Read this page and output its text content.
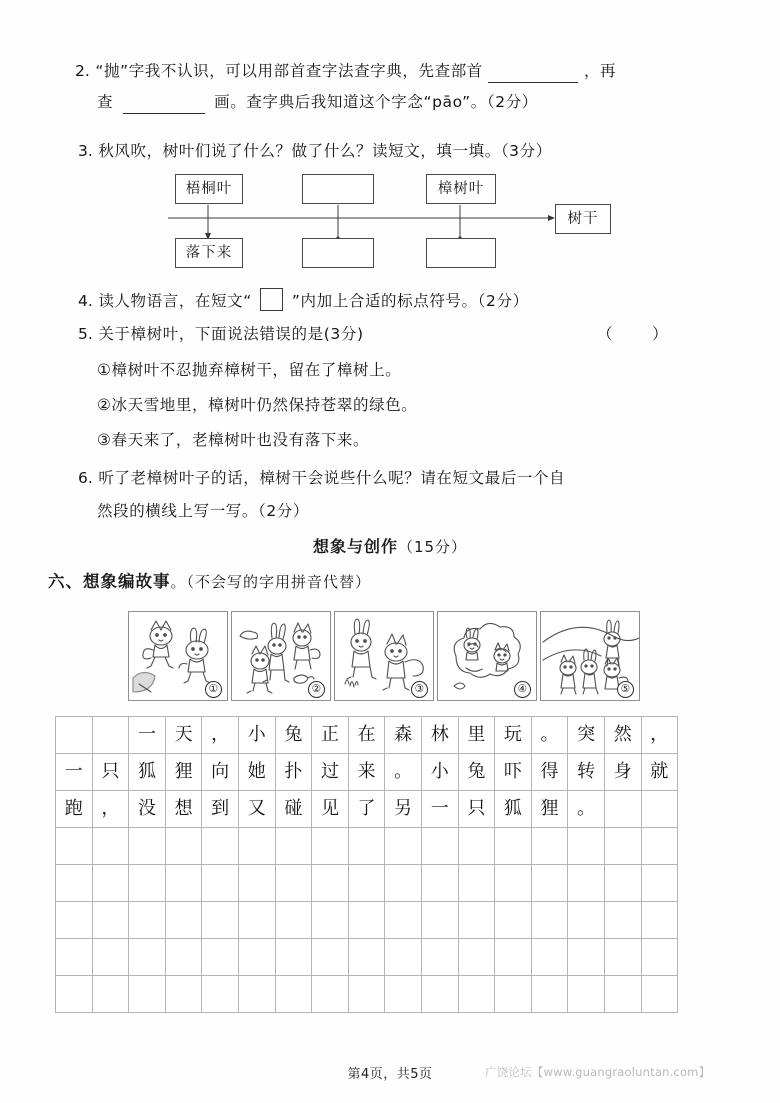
2. “抛”字我不认识，可以用部首查字法查字典，先查部首	，再
查	画。查字典后我知道这个字念“pāo”。（2分）
3. 秋风吹，树叶们说了什么？做了什么？读短文，填一填。（3分）
梧桐叶	樟树叶
落下来
树干
4. 读人物语言，在短文“	”内加上合适的标点符号。（2分）
5. 关于樟树叶，下面说法错误的是(3分)	（	）
①樟树叶不忍抛弃樟树干，留在了樟树上。
②冰天雪地里，樟树叶仍然保持苍翠的绿色。
③春天来了，老樟树叶也没有落下来。
6. 听了老樟树叶子的话，樟树干会说些什么呢？请在短文最后一个自
然段的横线上写一写。（2分）
想象与创作（15分）
六、想象编故事。（不会写的字用拼音代替）
①	②	③	④	⑤
		一	天	，	小	兔	正	在	森	林	里	玩	。	突	然	，
一	只	狐	狸	向	她	扑	过	来	。	小	兔	吓	得	转	身	就
跑	，	没	想	到	又	碰	见	了	另	一	只	狐	狸	。		

第4页，共5页	广饶论坛【www.guangraoluntan.com】
